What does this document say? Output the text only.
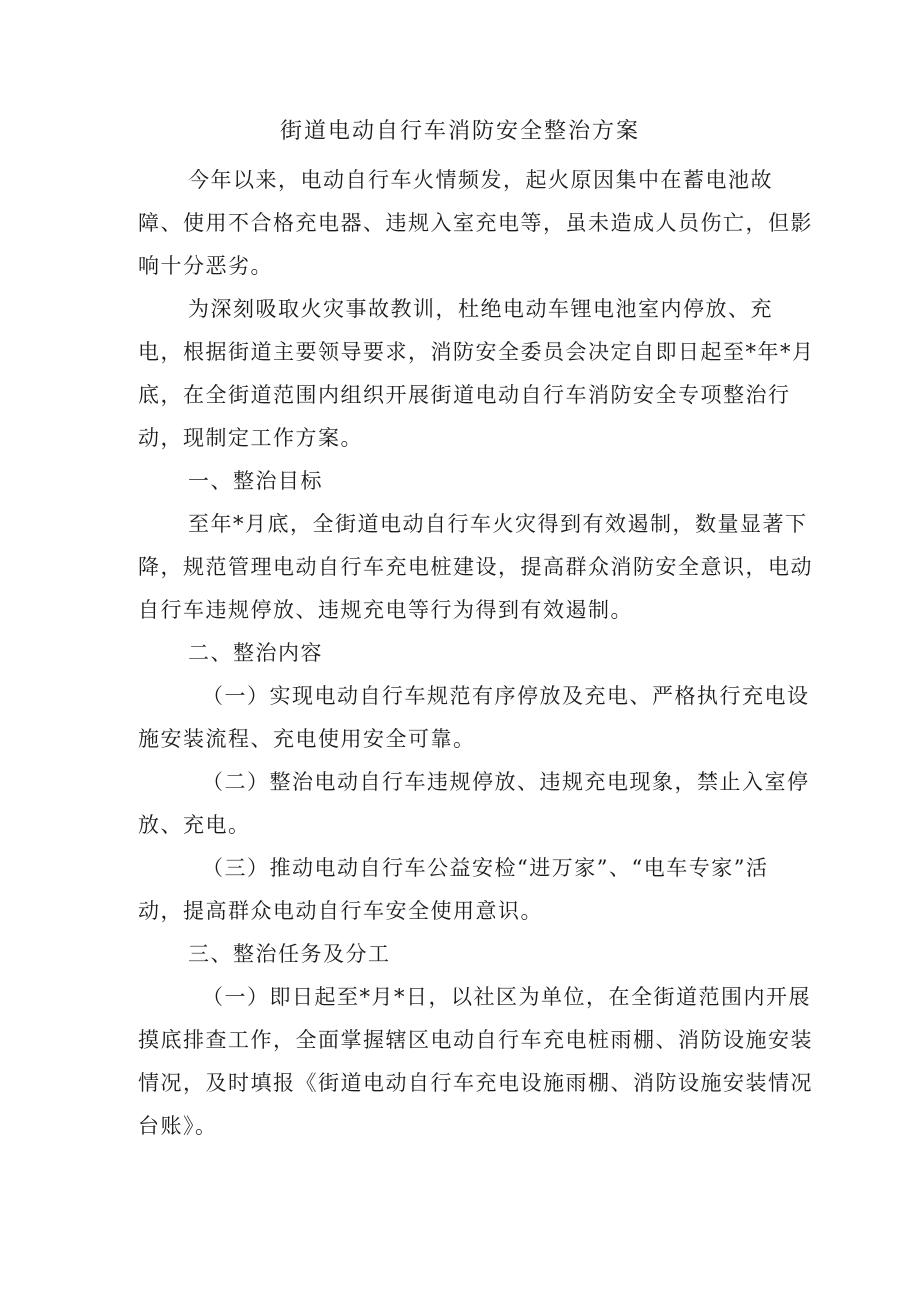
街道电动自行车消防安全整治方案
今年以来，电动自行车火情频发，起火原因集中在蓄电池故
障、使用不合格充电器、违规入室充电等，虽未造成人员伤亡，但影
响十分恶劣。
为深刻吸取火灾事故教训，杜绝电动车锂电池室内停放、充
电，根据街道主要领导要求，消防安全委员会决定自即日起至*年*月
底，在全街道范围内组织开展街道电动自行车消防安全专项整治行
动，现制定工作方案。
一、整治目标
至年*月底，全街道电动自行车火灾得到有效遏制，数量显著下
降，规范管理电动自行车充电桩建设，提高群众消防安全意识，电动
自行车违规停放、违规充电等行为得到有效遏制。
二、整治内容
（一）实现电动自行车规范有序停放及充电、严格执行充电设
施安装流程、充电使用安全可靠。
（二）整治电动自行车违规停放、违规充电现象，禁止入室停
放、充电。
（三）推动电动自行车公益安检“进万家”、“电车专家”活
动，提高群众电动自行车安全使用意识。
三、整治任务及分工
（一）即日起至*月*日，以社区为单位，在全街道范围内开展
摸底排查工作，全面掌握辖区电动自行车充电桩雨棚、消防设施安装
情况，及时填报《街道电动自行车充电设施雨棚、消防设施安装情况
台账》。
